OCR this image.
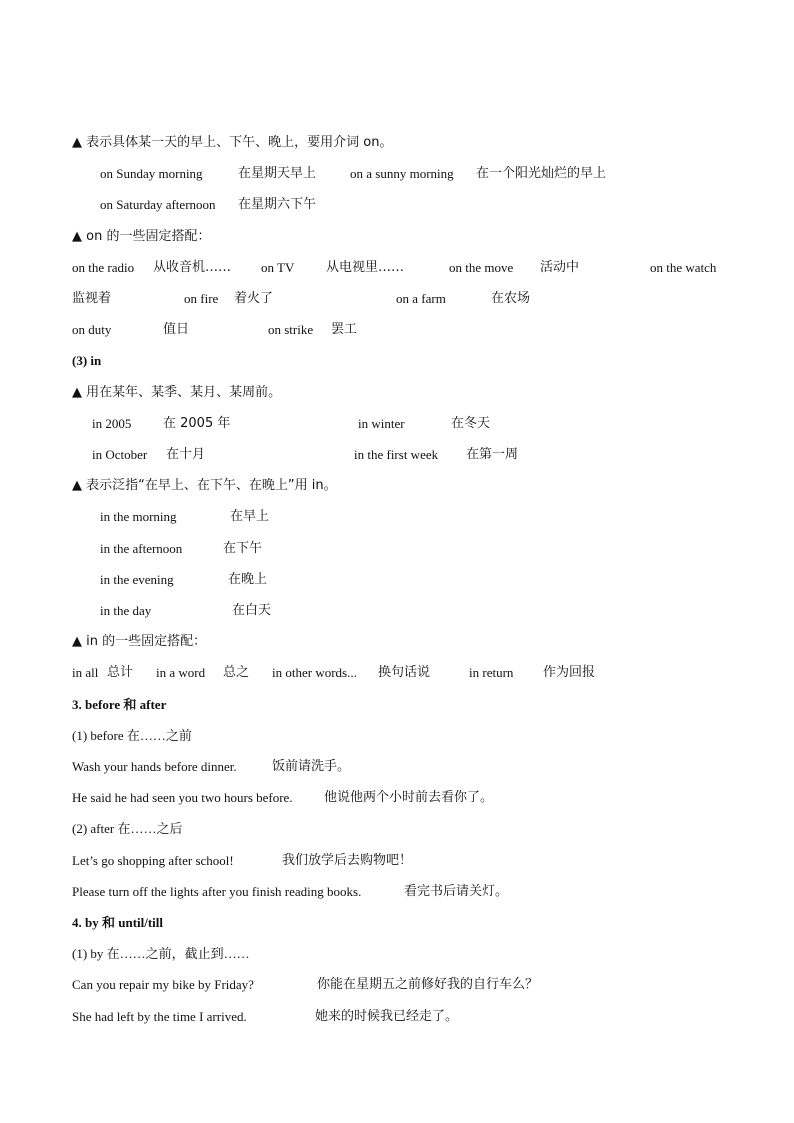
▲ 表示具体某一天的早上、下午、晚上，要用介词 on。
on Sunday morning	在星期天早上	on a sunny morning 在一个阳光灿烂的早上
on Saturday afternoon 在星期六下午
▲ on 的一些固定搭配：
on the radio 从收音机…… on TV 从电视里……	on the move 活动中	on the watch
监视着	on fire 着火了	on a farm	在农场
on duty	值日	on strike 罢工
(3) in
▲ 用在某年、某季、某月、某周前。
in 2005 在 2005 年	in winter	在冬天
in October 在十月	in the first week 在第一周
▲ 表示泛指“在早上、在下午、在晚上”用 in。
in the morning	在早上
in the afternoon	在下午
in the evening	在晚上
in the day	在白天
▲ in 的一些固定搭配：
in all 总计 in a word 总之 in other words... 换句话说	in return 作为回报
3. before 和 after
(1) before 在……之前
Wash your hands before dinner.	饭前请洗手。
He said he had seen you two hours before. 他说他两个小时前去看你了。
(2) after 在……之后
Let’s go shopping after school!	我们放学后去购物吧！
Please turn off the lights after you finish reading books.	看完书后请关灯。
4. by 和 until/till
(1) by 在……之前，截止到……
Can you repair my bike by Friday?	你能在星期五之前修好我的自行车么？
She had left by the time I arrived.	她来的时候我已经走了。
